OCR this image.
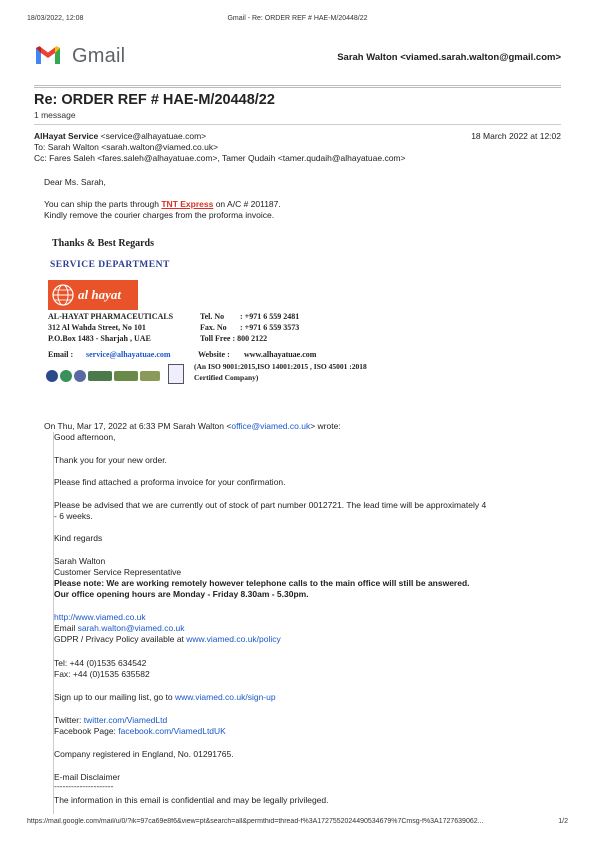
18/03/2022, 12:08	Gmail - Re: ORDER REF # HAE-M/20448/22
Gmail	Sarah Walton <viamed.sarah.walton@gmail.com>
Re: ORDER REF # HAE-M/20448/22
1 message
AlHayat Service <service@alhayatuae.com>	18 March 2022 at 12:02
To: Sarah Walton <sarah.walton@viamed.co.uk>
Cc: Fares Saleh <fares.saleh@alhayatuae.com>, Tamer Qudaih <tamer.qudaih@alhayatuae.com>
Dear Ms. Sarah,
You can ship the parts through TNT Express on A/C # 201187.
Kindly remove the courier charges from the proforma invoice.
Thanks & Best Regards
SERVICE DEPARTMENT
al hayat
AL-HAYAT PHARMACEUTICALS
312 Al Wahda Street, No 101
P.O.Box 1483 - Sharjah , UAE
Tel. No : +971 6 559 2481
Fax. No : +971 6 559 3573
Toll Free : 800 2122
Email : service@alhayatuae.com	Website : www.alhayatuae.com
(An ISO 9001:2015,ISO 14001:2015 , ISO 45001 :2018
Certified Company)
On Thu, Mar 17, 2022 at 6:33 PM Sarah Walton <office@viamed.co.uk> wrote:
Good afternoon,
Thank you for your new order.
Please find attached a proforma invoice for your confirmation.
Please be advised that we are currently out of stock of part number 0012721. The lead time will be approximately 4
- 6 weeks.
Kind regards
Sarah Walton
Customer Service Representative
Please note: We are working remotely however telephone calls to the main office will still be answered.
Our office opening hours are Monday - Friday 8.30am - 5.30pm.
http://www.viamed.co.uk
Email sarah.walton@viamed.co.uk
GDPR / Privacy Policy available at www.viamed.co.uk/policy
Tel: +44 (0)1535 634542
Fax: +44 (0)1535 635582
Sign up to our mailing list, go to www.viamed.co.uk/sign-up
Twitter: twitter.com/ViamedLtd
Facebook Page: facebook.com/ViamedLtdUK
Company registered in England, No. 01291765.
E-mail Disclaimer
---------------------
The information in this email is confidential and may be legally privileged.
https://mail.google.com/mail/u/0/?ik=97ca69e8f6&view=pt&search=all&permthid=thread-f%3A1727552024490534679%7Cmsg-f%3A1727639062...	1/2
